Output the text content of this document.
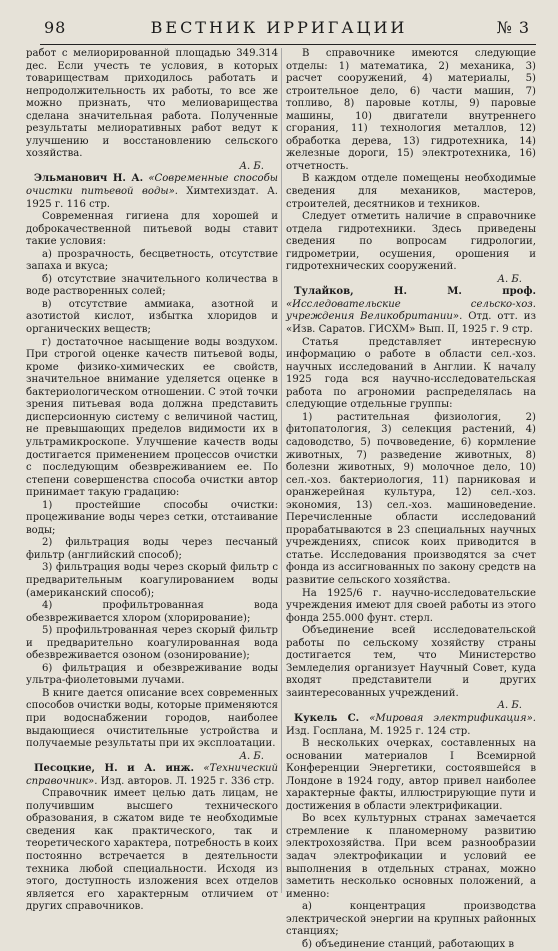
98	ВЕСТНИК ИРРИГАЦИИ	№ 3

работ с мелиорированной площадью 349.314 дес. Если учесть те условия, в которых товариществам приходилось работать и непродолжительность их работы, то все же можно признать, что мелиоварищества сделана значительная работа. Полученные результаты мелиоративных работ ведут к улучшению и восстановлению сельского хозяйства.

А. Б.

Эльманович Н. А. «Современные способы очистки питьевой воды». Химтехиздат. А. 1925 г. 116 стр.

Современная гигиена для хорошей и доброкачественной питьевой воды ставит такие условия:

а) прозрачность, бесцветность, отсутствие запаха и вкуса;

б) отсутствие значительного количества в воде растворенных солей;

в) отсутствие аммиака, азотной и азотистой кислот, избытка хлоридов и органических веществ;

г) достаточное насыщение воды воздухом. При строгой оценке качеств питьевой воды, кроме физико-химических ее свойств, значительное внимание уделяется оценке в бактериологическом отношении. С этой точки зрения питьевая вода должна представить дисперсионную систему с величиной частиц, не превышающих пределов видимости их в ультрамикроскопе. Улучшение качеств воды достигается применением процессов очистки с последующим обезвреживанием ее. По степени совершенства способа очистки автор принимает такую градацию:

1) простейшие способы очистки: процеживание воды через сетки, отстаивание воды;

2) фильтрация воды через песчаный фильтр (английский способ);

3) фильтрация воды через скорый фильтр с предварительным коагулированием воды (американский способ);

4) профильтрованная вода обезвреживается хлором (хлорирование);

5) профильтрованная через скорый фильтр и предварительно коагулированная вода обезвреживается озоном (озонирование);

6) фильтрация и обезвреживание воды ультра-фиолетовыми лучами.

В книге дается описание всех современных способов очистки воды, которые применяются при водоснабжении городов, наиболее выдающиеся очистительные устройства и получаемые результаты при их эксплоатации.

А. Б.

Песоцкие, Н. и А. инж. «Технический справочник». Изд. авторов. Л. 1925 г. 336 стр.

Справочник имеет целью дать лицам, не получившим высшего технического образования, в сжатом виде те необходимые сведения как практического, так и теоретического характера, потребность в коих постоянно встречается в деятельности техника любой специальности. Исходя из этого, доступность изложения всех отделов является его характерным отличием от других справочников.

В справочнике имеются следующие отделы: 1) математика, 2) механика, 3) расчет сооружений, 4) материалы, 5) строительное дело, 6) части машин, 7) топливо, 8) паровые котлы, 9) паровые машины, 10) двигатели внутреннего сгорания, 11) технология металлов, 12) обработка дерева, 13) гидротехника, 14) железные дороги, 15) электротехника, 16) отчетность.

В каждом отделе помещены необходимые сведения для механиков, мастеров, строителей, десятников и техников.

Следует отметить наличие в справочнике отдела гидротехники. Здесь приведены сведения по вопросам гидрологии, гидрометрии, осушения, орошения и гидротехнических сооружений.

А. Б.

Тулайков, Н. М. проф. «Исследовательские сельско-хоз. учреждения Великобритании». Отд. отт. из «Изв. Саратов. ГИСХМ» Вып. II, 1925 г. 9 стр.

Статья представляет интересную информацию о работе в области сел.-хоз. научных исследований в Англии. К началу 1925 года вся научно-исследовательская работа по агрономии распределялась на следующие отдельные группы:

1) растительная физиология, 2) фитопатология, 3) селекция растений, 4) садоводство, 5) почвоведение, 6) кормление животных, 7) разведение животных, 8) болезни животных, 9) молочное дело, 10) сел.-хоз. бактериология, 11) парниковая и оранжерейная культура, 12) сел.-хоз. экономия, 13) сел.-хоз. машиноведение. Перечисленные области исследований прорабатываются в 23 специальных научных учреждениях, список коих приводится в статье. Исследования производятся за счет фонда из ассигнованных по закону средств на развитие сельского хозяйства.

На 1925/6 г. научно-исследовательские учреждения имеют для своей работы из этого фонда 255.000 фунт. стерл.

Объединение всей исследовательской работы по сельскому хозяйству страны достигается тем, что Министерство Земледелия организует Научный Совет, куда входят представители и других заинтересованных учреждений.

А. Б.

Кукель С. «Мировая электрификация». Изд. Госплана, М. 1925 г. 124 стр.

В нескольких очерках, составленных на основании материалов I Всемирной Конференции Энергетики, состоявшейся в Лондоне в 1924 году, автор привел наиболее характерные факты, иллюстрирующие пути и достижения в области электрификации.

Во всех культурных странах замечается стремление к планомерному развитию электрохозяйства. При всем разнообразии задач электрофикации и условий ее выполнения в отдельных странах, можно заметить несколько основных положений, а именно:

а) концентрация производства электрической энергии на крупных районных станциях;

б) объединение станций, работающих в
